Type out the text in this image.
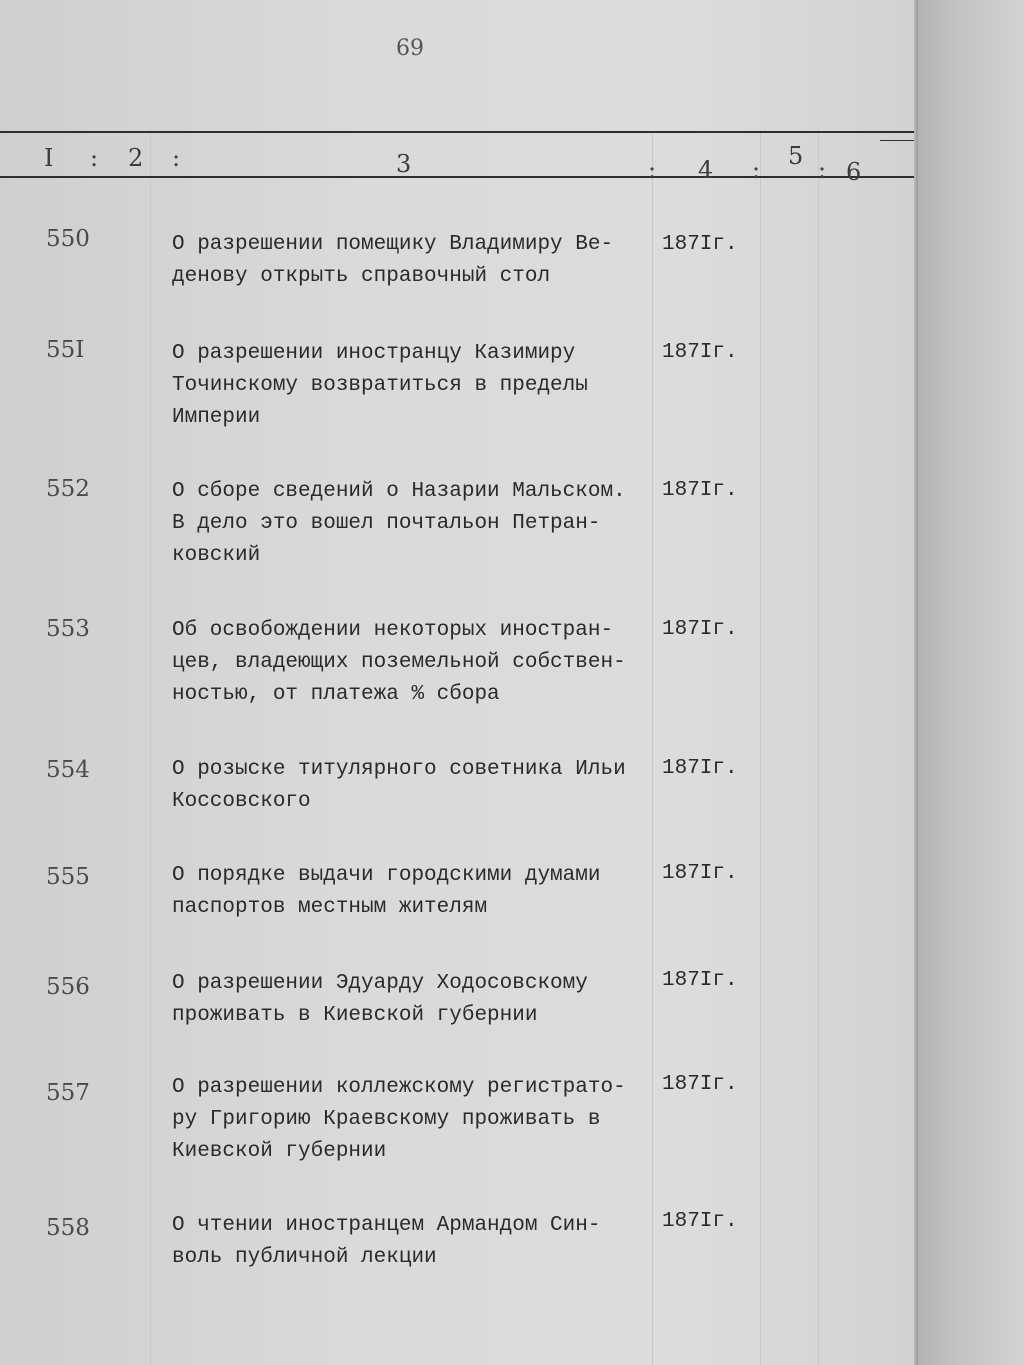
69
I : 2 :	3	: 4 : 5 : 6
550	О разрешении помещику Владимиру Ве-
денову открыть справочный стол
187Iг.
55I	О разрешении иностранцу Казимиру
Точинскому возвратиться в пределы
Империи
187Iг.
552	О сборе сведений о Назарии Мальском.
В дело это вошел почтальон Петран-
ковский
187Iг.
553	Об освобождении некоторых иностран-
цев, владеющих поземельной собствен-
ностью, от платежа % сбора
187Iг.
554	О розыске титулярного советника Ильи
Коссовского
187Iг.
555	О порядке выдачи городскими думами
паспортов местным жителям
187Iг.
556	О разрешении Эдуарду Ходосовскому
проживать в Киевской губернии
187Iг.
557	О разрешении коллежскому регистрато-
ру Григорию Краевскому проживать в
Киевской губернии
187Iг.
558	О чтении иностранцем Армандом Син-
воль публичной лекции
187Iг.
